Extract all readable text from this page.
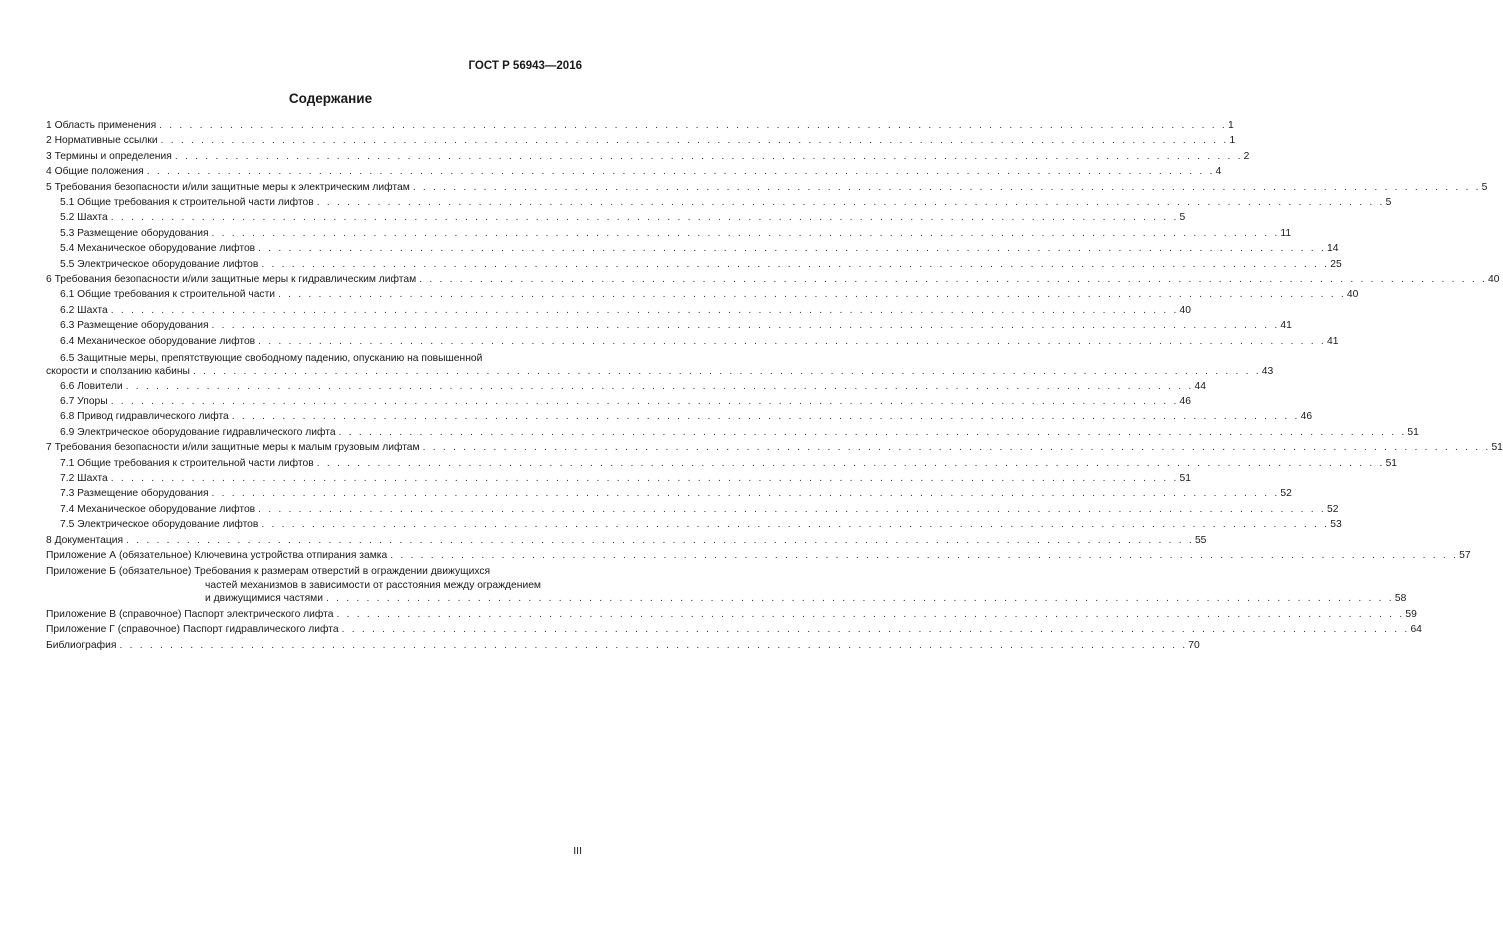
ГОСТ Р 56943—2016
Содержание
1 Область применения . . . . . . . . . . . . . . . . . . . . . . . . . . . . . . . . . . . . . . . . . . . . . . . . . . . . . . . . . . . . . . . . . . . . . . . . . . . . . . . . . . . . . . . . . . . . . . . . . . . . . . . . . . 1
2 Нормативные ссылки . . . . . . . . . . . . . . . . . . . . . . . . . . . . . . . . . . . . . . . . . . . . . . . . . . . . . . . . . . . . . . . . . . . . . . . . . . . . . . . . . . . . . . . . . . . . . . . . . . . . . . . . . . 1
3 Термины и определения . . . . . . . . . . . . . . . . . . . . . . . . . . . . . . . . . . . . . . . . . . . . . . . . . . . . . . . . . . . . . . . . . . . . . . . . . . . . . . . . . . . . . . . . . . . . . . . . . . . . . . . . . . 2
4 Общие положения . . . . . . . . . . . . . . . . . . . . . . . . . . . . . . . . . . . . . . . . . . . . . . . . . . . . . . . . . . . . . . . . . . . . . . . . . . . . . . . . . . . . . . . . . . . . . . . . . . . . . . . . . . 4
5 Требования безопасности и/или защитные меры к электрическим лифтам . . . . . . . . . . . . . . . . . . . . . . . . . . . . . . . . . . . . . . . . . . . . . . . . . . . . . . . . . . . . . . . . . . . . . . . . . . . . . . . . . . . . . . . . . . . . . . . . . . . . . . . . . . 5
5.1 Общие требования к строительной части лифтов . . . . . . . . . . . . . . . . . . . . . . . . . . . . . . . . . . . . . . . . . . . . . . . . . . . . . . . . . . . . . . . . . . . . . . . . . . . . . . . . . . . . . . . . . . . . . . . . . . . . . . . . . . 5
5.2 Шахта . . . . . . . . . . . . . . . . . . . . . . . . . . . . . . . . . . . . . . . . . . . . . . . . . . . . . . . . . . . . . . . . . . . . . . . . . . . . . . . . . . . . . . . . . . . . . . . . . . . . . . . . . . 5
5.3 Размещение оборудования . . . . . . . . . . . . . . . . . . . . . . . . . . . . . . . . . . . . . . . . . . . . . . . . . . . . . . . . . . . . . . . . . . . . . . . . . . . . . . . . . . . . . . . . . . . . . . . . . . . . . . . . . . 11
5.4 Механическое оборудование лифтов . . . . . . . . . . . . . . . . . . . . . . . . . . . . . . . . . . . . . . . . . . . . . . . . . . . . . . . . . . . . . . . . . . . . . . . . . . . . . . . . . . . . . . . . . . . . . . . . . . . . . . . . . . 14
5.5 Электрическое оборудование лифтов . . . . . . . . . . . . . . . . . . . . . . . . . . . . . . . . . . . . . . . . . . . . . . . . . . . . . . . . . . . . . . . . . . . . . . . . . . . . . . . . . . . . . . . . . . . . . . . . . . . . . . . . . . 25
6 Требования безопасности и/или защитные меры к гидравлическим лифтам . . . . . . . . . . . . . . . . . . . . . . . . . . . . . . . . . . . . . . . . . . . . . . . . . . . . . . . . . . . . . . . . . . . . . . . . . . . . . . . . . . . . . . . . . . . . . . . . . . . . . . . . . . 40
6.1 Общие требования к строительной части . . . . . . . . . . . . . . . . . . . . . . . . . . . . . . . . . . . . . . . . . . . . . . . . . . . . . . . . . . . . . . . . . . . . . . . . . . . . . . . . . . . . . . . . . . . . . . . . . . . . . . . . . . 40
6.2 Шахта . . . . . . . . . . . . . . . . . . . . . . . . . . . . . . . . . . . . . . . . . . . . . . . . . . . . . . . . . . . . . . . . . . . . . . . . . . . . . . . . . . . . . . . . . . . . . . . . . . . . . . . . . . 40
6.3 Размещение оборудования . . . . . . . . . . . . . . . . . . . . . . . . . . . . . . . . . . . . . . . . . . . . . . . . . . . . . . . . . . . . . . . . . . . . . . . . . . . . . . . . . . . . . . . . . . . . . . . . . . . . . . . . . . 41
6.4 Механическое оборудование лифтов . . . . . . . . . . . . . . . . . . . . . . . . . . . . . . . . . . . . . . . . . . . . . . . . . . . . . . . . . . . . . . . . . . . . . . . . . . . . . . . . . . . . . . . . . . . . . . . . . . . . . . . . . . 41
6.5 Защитные меры, препятствующие свободному падению, опусканию на повышенной
скорости и сползанию кабины . . . . . . . . . . . . . . . . . . . . . . . . . . . . . . . . . . . . . . . . . . . . . . . . . . . . . . . . . . . . . . . . . . . . . . . . . . . . . . . . . . . . . . . . . . . . . . . . . . . . . . . . . . 43
6.6 Ловители . . . . . . . . . . . . . . . . . . . . . . . . . . . . . . . . . . . . . . . . . . . . . . . . . . . . . . . . . . . . . . . . . . . . . . . . . . . . . . . . . . . . . . . . . . . . . . . . . . . . . . . . . . 44
6.7 Упоры . . . . . . . . . . . . . . . . . . . . . . . . . . . . . . . . . . . . . . . . . . . . . . . . . . . . . . . . . . . . . . . . . . . . . . . . . . . . . . . . . . . . . . . . . . . . . . . . . . . . . . . . . . 46
6.8 Привод гидравлического лифта . . . . . . . . . . . . . . . . . . . . . . . . . . . . . . . . . . . . . . . . . . . . . . . . . . . . . . . . . . . . . . . . . . . . . . . . . . . . . . . . . . . . . . . . . . . . . . . . . . . . . . . . . . 46
6.9 Электрическое оборудование гидравлического лифта . . . . . . . . . . . . . . . . . . . . . . . . . . . . . . . . . . . . . . . . . . . . . . . . . . . . . . . . . . . . . . . . . . . . . . . . . . . . . . . . . . . . . . . . . . . . . . . . . . . . . . . . . . 51
7 Требования безопасности и/или защитные меры к малым грузовым лифтам . . . . . . . . . . . . . . . . . . . . . . . . . . . . . . . . . . . . . . . . . . . . . . . . . . . . . . . . . . . . . . . . . . . . . . . . . . . . . . . . . . . . . . . . . . . . . . . . . . . . . . . . . . 51
7.1 Общие требования к строительной части лифтов . . . . . . . . . . . . . . . . . . . . . . . . . . . . . . . . . . . . . . . . . . . . . . . . . . . . . . . . . . . . . . . . . . . . . . . . . . . . . . . . . . . . . . . . . . . . . . . . . . . . . . . . . . 51
7.2 Шахта . . . . . . . . . . . . . . . . . . . . . . . . . . . . . . . . . . . . . . . . . . . . . . . . . . . . . . . . . . . . . . . . . . . . . . . . . . . . . . . . . . . . . . . . . . . . . . . . . . . . . . . . . . 51
7.3 Размещение оборудования . . . . . . . . . . . . . . . . . . . . . . . . . . . . . . . . . . . . . . . . . . . . . . . . . . . . . . . . . . . . . . . . . . . . . . . . . . . . . . . . . . . . . . . . . . . . . . . . . . . . . . . . . . 52
7.4 Механическое оборудование лифтов . . . . . . . . . . . . . . . . . . . . . . . . . . . . . . . . . . . . . . . . . . . . . . . . . . . . . . . . . . . . . . . . . . . . . . . . . . . . . . . . . . . . . . . . . . . . . . . . . . . . . . . . . . 52
7.5 Электрическое оборудование лифтов . . . . . . . . . . . . . . . . . . . . . . . . . . . . . . . . . . . . . . . . . . . . . . . . . . . . . . . . . . . . . . . . . . . . . . . . . . . . . . . . . . . . . . . . . . . . . . . . . . . . . . . . . . 53
8 Документация . . . . . . . . . . . . . . . . . . . . . . . . . . . . . . . . . . . . . . . . . . . . . . . . . . . . . . . . . . . . . . . . . . . . . . . . . . . . . . . . . . . . . . . . . . . . . . . . . . . . . . . . . . 55
Приложение А (обязательное) Ключевина устройства отпирания замка . . . . . . . . . . . . . . . . . . . . . . . . . . . . . . . . . . . . . . . . . . . . . . . . . . . . . . . . . . . . . . . . . . . . . . . . . . . . . . . . . . . . . . . . . . . . . . . . . . . . . . . . . . 57
Приложение Б (обязательное) Требования к размерам отверстий в ограждении движущихся
частей механизмов в зависимости от расстояния между ограждением
и движущимися частями . . . . . . . . . . . . . . . . . . . . . . . . . . . . . . . . . . . . . . . . . . . . . . . . . . . . . . . . . . . . . . . . . . . . . . . . . . . . . . . . . . . . . . . . . . . . . . . . . . . . . . . . . . 58
Приложение В (справочное) Паспорт электрического лифта . . . . . . . . . . . . . . . . . . . . . . . . . . . . . . . . . . . . . . . . . . . . . . . . . . . . . . . . . . . . . . . . . . . . . . . . . . . . . . . . . . . . . . . . . . . . . . . . . . . . . . . . . . 59
Приложение Г (справочное) Паспорт гидравлического лифта . . . . . . . . . . . . . . . . . . . . . . . . . . . . . . . . . . . . . . . . . . . . . . . . . . . . . . . . . . . . . . . . . . . . . . . . . . . . . . . . . . . . . . . . . . . . . . . . . . . . . . . . . . 64
Библиография . . . . . . . . . . . . . . . . . . . . . . . . . . . . . . . . . . . . . . . . . . . . . . . . . . . . . . . . . . . . . . . . . . . . . . . . . . . . . . . . . . . . . . . . . . . . . . . . . . . . . . . . . . 70
III
